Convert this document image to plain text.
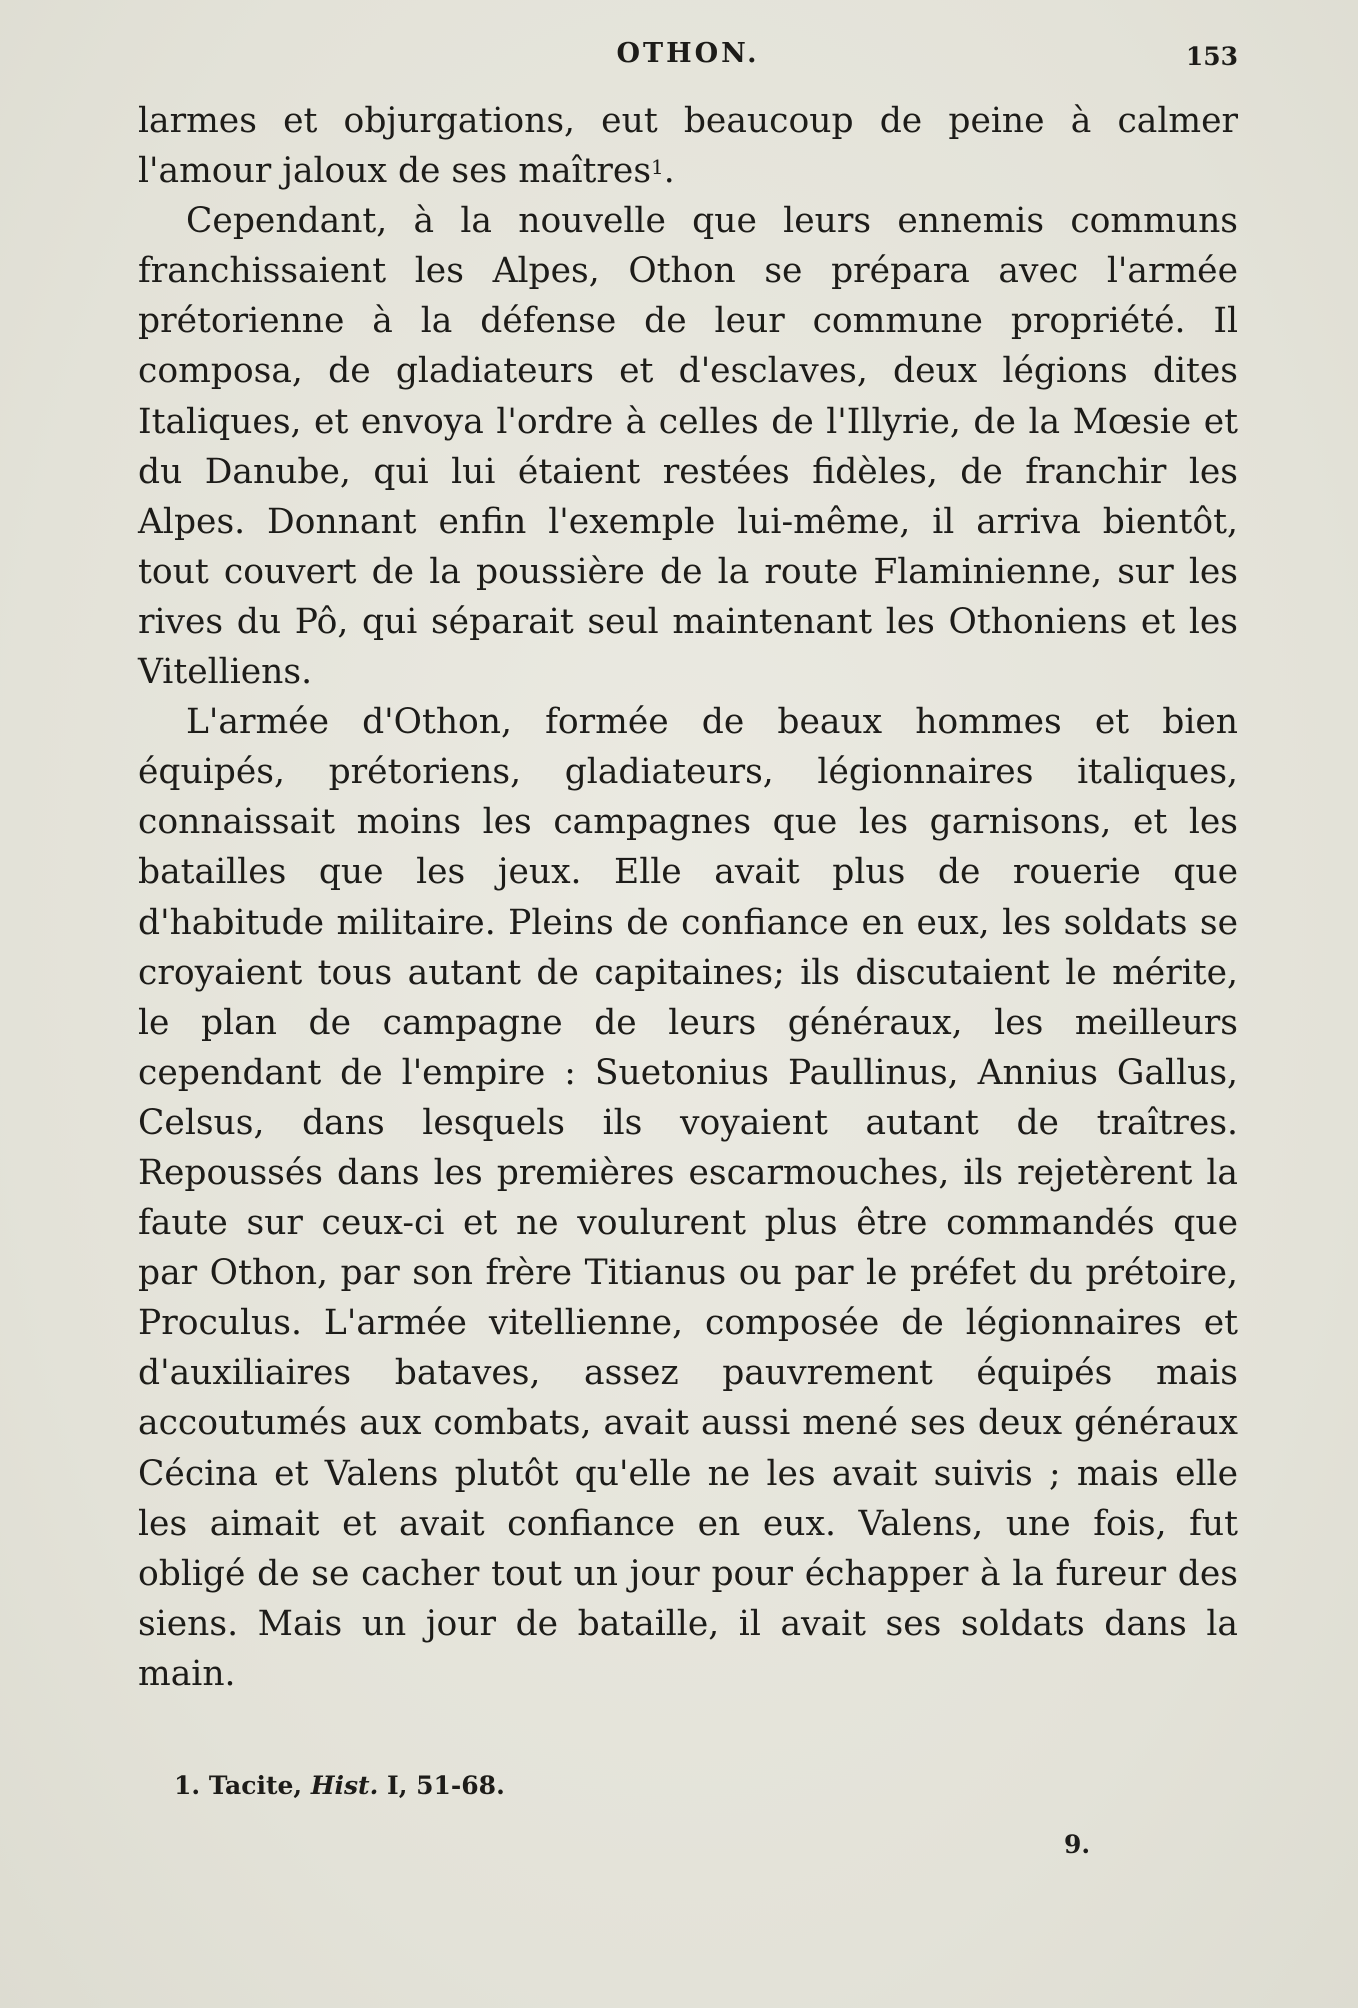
OTHON.	153

larmes et objurgations, eut beaucoup de peine à calmer l'amour jaloux de ses maîtres$^1$.

Cependant, à la nouvelle que leurs ennemis communs franchissaient les Alpes, Othon se prépara avec l'armée prétorienne à la défense de leur commune propriété. Il composa, de gladiateurs et d'esclaves, deux légions dites Italiques, et envoya l'ordre à celles de l'Illyrie, de la Mœsie et du Danube, qui lui étaient restées fidèles, de franchir les Alpes. Donnant enfin l'exemple lui-même, il arriva bientôt, tout couvert de la poussière de la route Flaminienne, sur les rives du Pô, qui séparait seul maintenant les Othoniens et les Vitelliens.

L'armée d'Othon, formée de beaux hommes et bien équipés, prétoriens, gladiateurs, légionnaires italiques, connaissait moins les campagnes que les garnisons, et les batailles que les jeux. Elle avait plus de rouerie que d'habitude militaire. Pleins de confiance en eux, les soldats se croyaient tous autant de capitaines; ils discutaient le mérite, le plan de campagne de leurs généraux, les meilleurs cependant de l'empire : Suetonius Paullinus, Annius Gallus, Celsus, dans lesquels ils voyaient autant de traîtres. Repoussés dans les premières escarmouches, ils rejetèrent la faute sur ceux-ci et ne voulurent plus être commandés que par Othon, par son frère Titianus ou par le préfet du prétoire, Proculus. L'armée vitellienne, composée de légionnaires et d'auxiliaires bataves, assez pauvrement équipés mais accoutumés aux combats, avait aussi mené ses deux généraux Cécina et Valens plutôt qu'elle ne les avait suivis ; mais elle les aimait et avait confiance en eux. Valens, une fois, fut obligé de se cacher tout un jour pour échapper à la fureur des siens. Mais un jour de bataille, il avait ses soldats dans la main.

1. Tacite, Hist. I, 51-68.
9.
